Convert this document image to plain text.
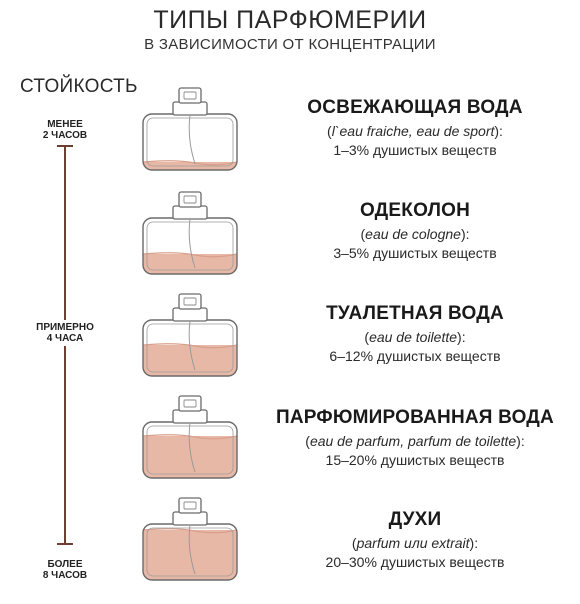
ТИПЫ ПАРФЮМЕРИИ
В ЗАВИСИМОСТИ ОТ КОНЦЕНТРАЦИИ
СТОЙКОСТЬ
МЕНЕЕ
2 ЧАСОВ
ПРИМЕРНО
4 ЧАСА
БОЛЕЕ
8 ЧАСОВ
ОСВЕЖАЮЩАЯ ВОДА
(l`eau fraiche, eau de sport):
1–3% душистых веществ
ОДЕКОЛОН
(eau de cologne):
3–5% душистых веществ
ТУАЛЕТНАЯ ВОДА
(eau de toilette):
6–12% душистых веществ
ПАРФЮМИРОВАННАЯ ВОДА
(eau de parfum, parfum de toilette):
15–20% душистых веществ
ДУХИ
(parfum или extrait):
20–30% душистых веществ
